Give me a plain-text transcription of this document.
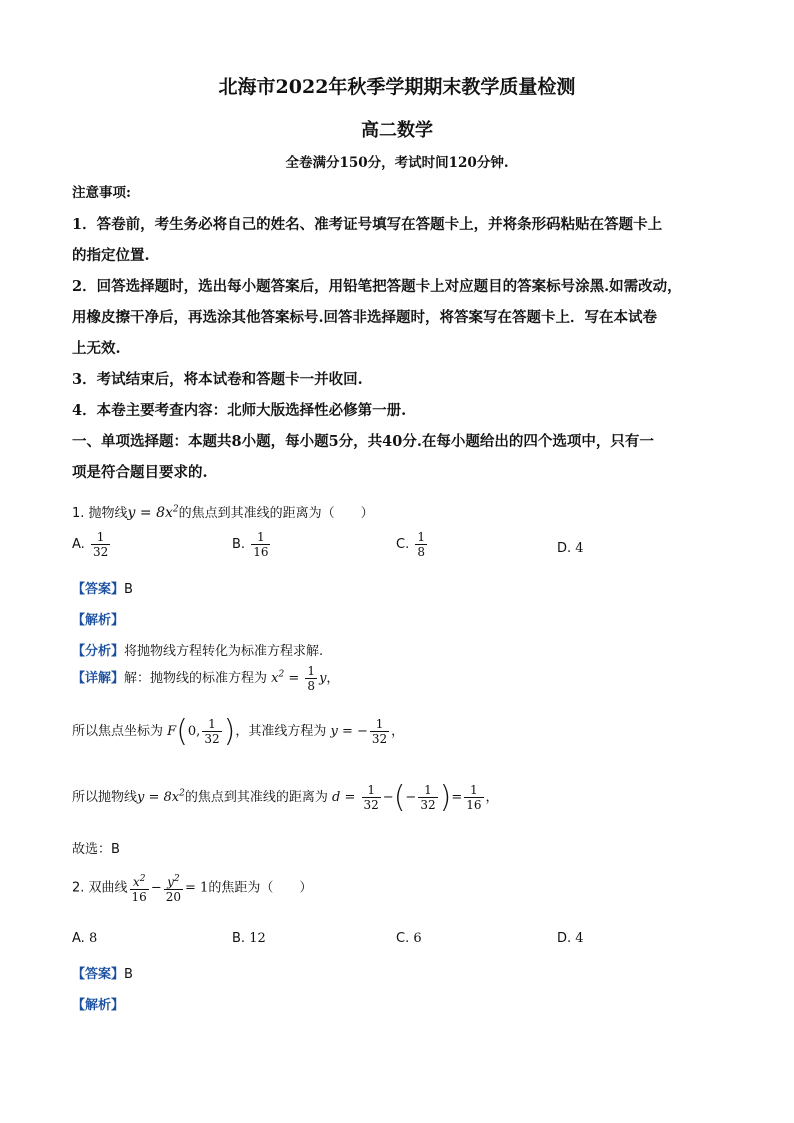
北海市2022年秋季学期期末教学质量检测
高二数学
全卷满分150分，考试时间120分钟.
注意事项:
1．答卷前，考生务必将自己的姓名、准考证号填写在答题卡上，并将条形码粘贴在答题卡上
的指定位置.
2．回答选择题时，选出每小题答案后，用铅笔把答题卡上对应题目的答案标号涂黑.如需改动，
用橡皮擦干净后，再选涂其他答案标号.回答非选择题时，将答案写在答题卡上．写在本试卷
上无效.
3．考试结束后，将本试卷和答题卡一并收回.
4．本卷主要考查内容：北师大版选择性必修第一册.
一、单项选择题：本题共8小题，每小题5分，共40分.在每小题给出的四个选项中，只有一
项是符合题目要求的.
1. 抛物线$y = 8x^2$的焦点到其准线的距离为（　　）
A. $\frac{1}{32}$	B. $\frac{1}{16}$	C. $\frac{1}{8}$	D. 4
【答案】B
【解析】
【分析】将抛物线方程转化为标准方程求解.
【详解】解：抛物线的标准方程为 $x^2 = \frac{1}{8}$ y，
所以焦点坐标为 F(0, $\frac{1}{32}$ )，其准线方程为 y = − $\frac{1}{32}$ ，
所以抛物线$y = 8x^2$的焦点到其准线的距离为 $d = \frac{1}{32}$ −(− $\frac{1}{32}$ )= $\frac{1}{16}$ ，
故选：B
2. 双曲线 $\frac{x^2}{16} - \frac{y^2}{20} = 1$的焦距为（　　）
A. 8	B. 12	C. 6	D. 4
【答案】B
【解析】
